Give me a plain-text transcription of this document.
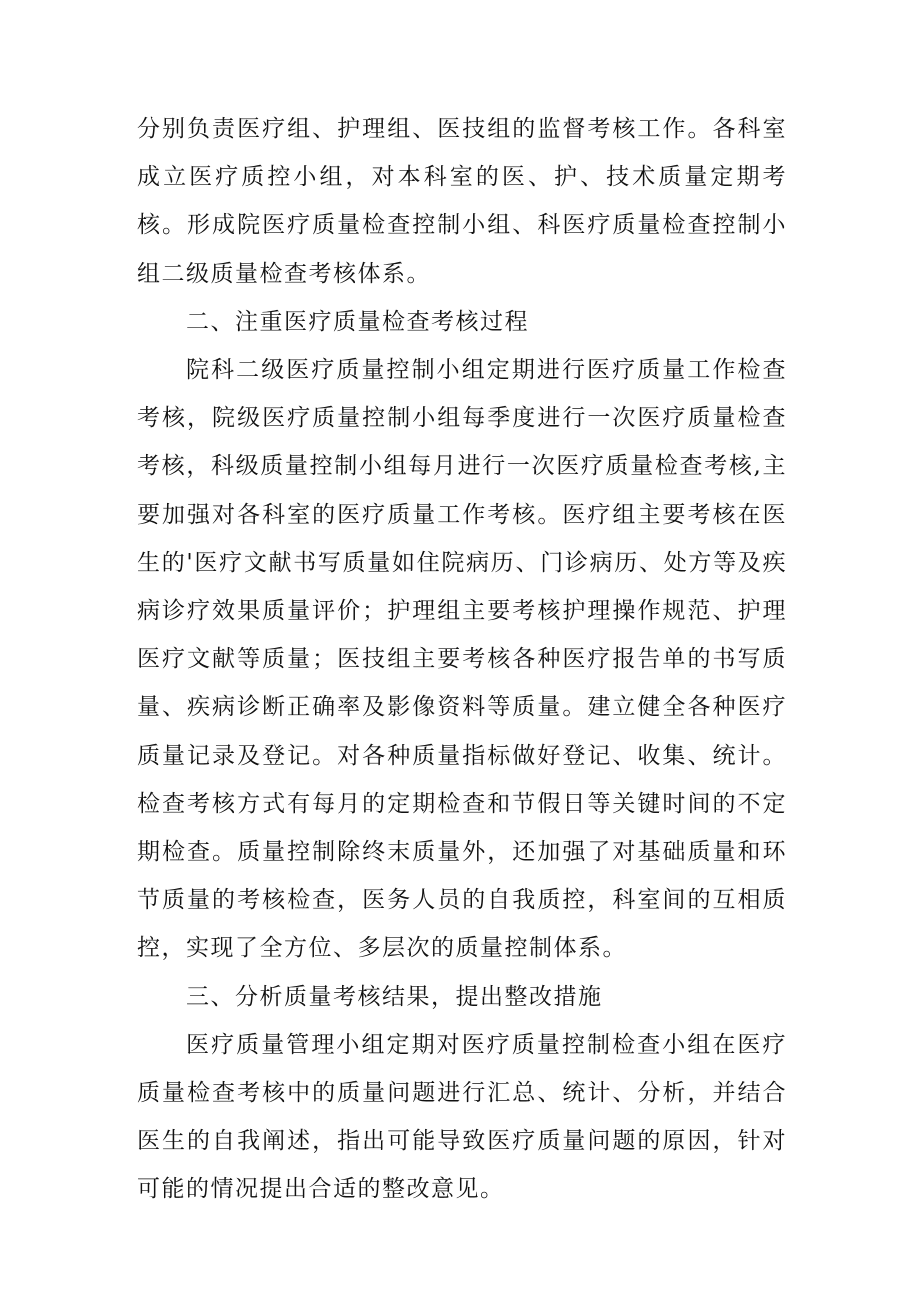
分别负责医疗组、护理组、医技组的监督考核工作。各科室成立医疗质控小组，对本科室的医、护、技术质量定期考核。形成院医疗质量检查控制小组、科医疗质量检查控制小组二级质量检查考核体系。

二、注重医疗质量检查考核过程

院科二级医疗质量控制小组定期进行医疗质量工作检查考核，院级医疗质量控制小组每季度进行一次医疗质量检查考核，科级质量控制小组每月进行一次医疗质量检查考核,主要加强对各科室的医疗质量工作考核。医疗组主要考核在医生的'医疗文献书写质量如住院病历、门诊病历、处方等及疾病诊疗效果质量评价；护理组主要考核护理操作规范、护理医疗文献等质量；医技组主要考核各种医疗报告单的书写质量、疾病诊断正确率及影像资料等质量。建立健全各种医疗质量记录及登记。对各种质量指标做好登记、收集、统计。检查考核方式有每月的定期检查和节假日等关键时间的不定期检查。质量控制除终末质量外，还加强了对基础质量和环节质量的考核检查，医务人员的自我质控，科室间的互相质控，实现了全方位、多层次的质量控制体系。

三、分析质量考核结果，提出整改措施

医疗质量管理小组定期对医疗质量控制检查小组在医疗质量检查考核中的质量问题进行汇总、统计、分析，并结合医生的自我阐述，指出可能导致医疗质量问题的原因，针对可能的情况提出合适的整改意见。
